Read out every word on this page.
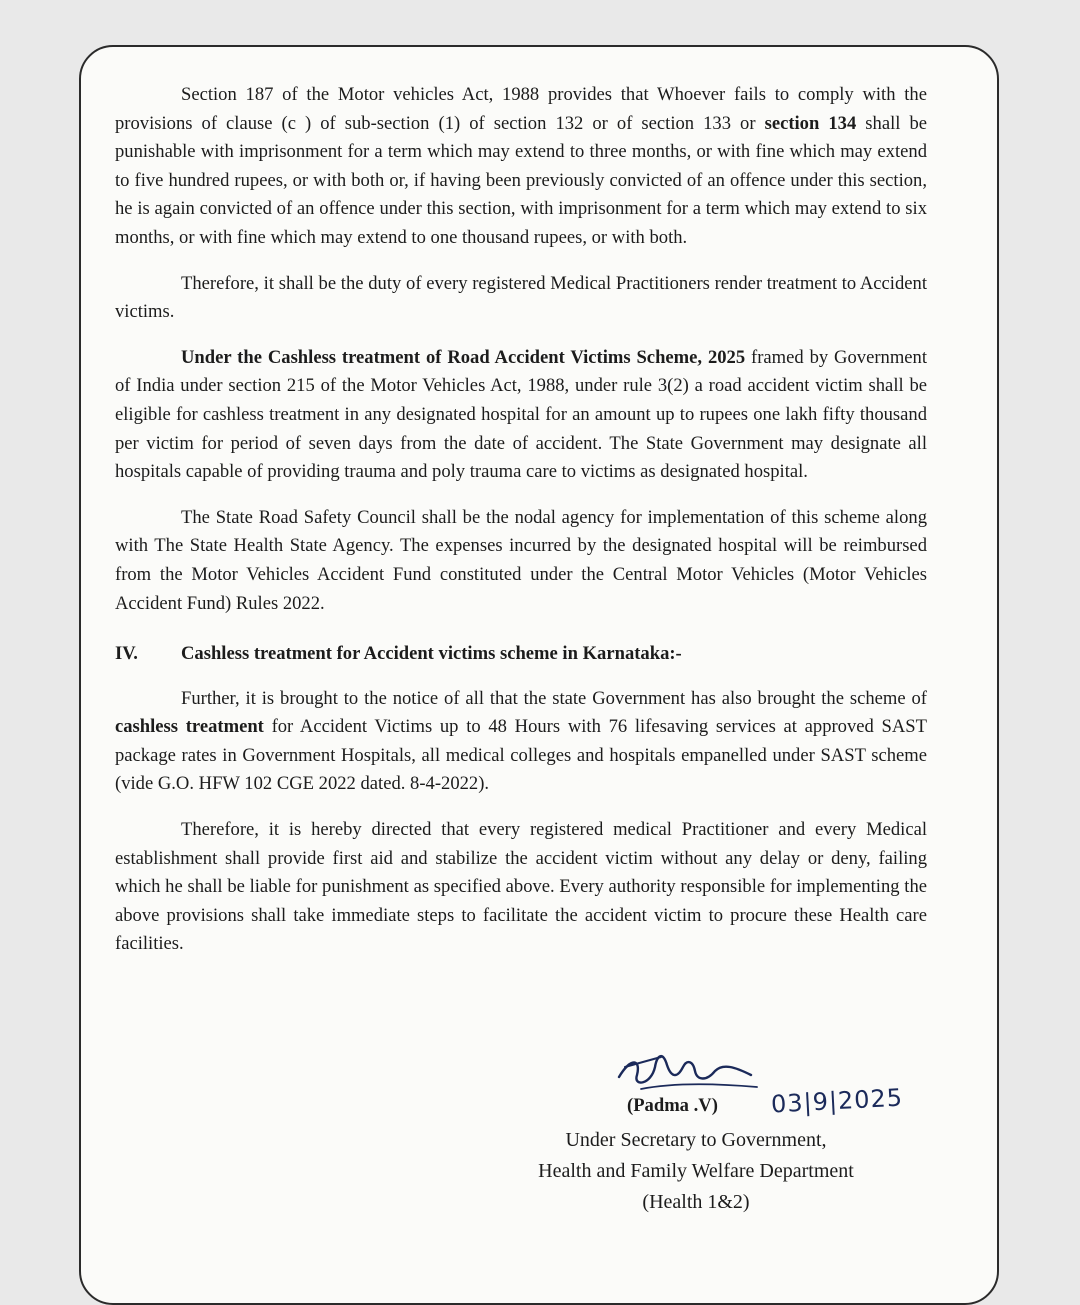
Section 187 of the Motor vehicles Act, 1988 provides that Whoever fails to comply with the provisions of clause (c ) of sub-section (1) of section 132 or of section 133 or section 134 shall be punishable with imprisonment for a term which may extend to three months, or with fine which may extend to five hundred rupees, or with both or, if having been previously convicted of an offence under this section, he is again convicted of an offence under this section, with imprisonment for a term which may extend to six months, or with fine which may extend to one thousand rupees, or with both.

Therefore, it shall be the duty of every registered Medical Practitioners render treatment to Accident victims.

Under the Cashless treatment of Road Accident Victims Scheme, 2025 framed by Government of India under section 215 of the Motor Vehicles Act, 1988, under rule 3(2) a road accident victim shall be eligible for cashless treatment in any designated hospital for an amount up to rupees one lakh fifty thousand per victim for period of seven days from the date of accident. The State Government may designate all hospitals capable of providing trauma and poly trauma care to victims as designated hospital.

The State Road Safety Council shall be the nodal agency for implementation of this scheme along with The State Health State Agency. The expenses incurred by the designated hospital will be reimbursed from the Motor Vehicles Accident Fund constituted under the Central Motor Vehicles (Motor Vehicles Accident Fund) Rules 2022.

IV.	Cashless treatment for Accident victims scheme in Karnataka:-

Further, it is brought to the notice of all that the state Government has also brought the scheme of cashless treatment for Accident Victims up to 48 Hours with 76 lifesaving services at approved SAST package rates in Government Hospitals, all medical colleges and hospitals empanelled under SAST scheme (vide G.O. HFW 102 CGE 2022 dated. 8-4-2022).

Therefore, it is hereby directed that every registered medical Practitioner and every Medical establishment shall provide first aid and stabilize the accident victim without any delay or deny, failing which he shall be liable for punishment as specified above. Every authority responsible for implementing the above provisions shall take immediate steps to facilitate the accident victim to procure these Health care facilities.

(Padma .V) 03|9|2025
Under Secretary to Government,
Health and Family Welfare Department
(Health 1&2)
